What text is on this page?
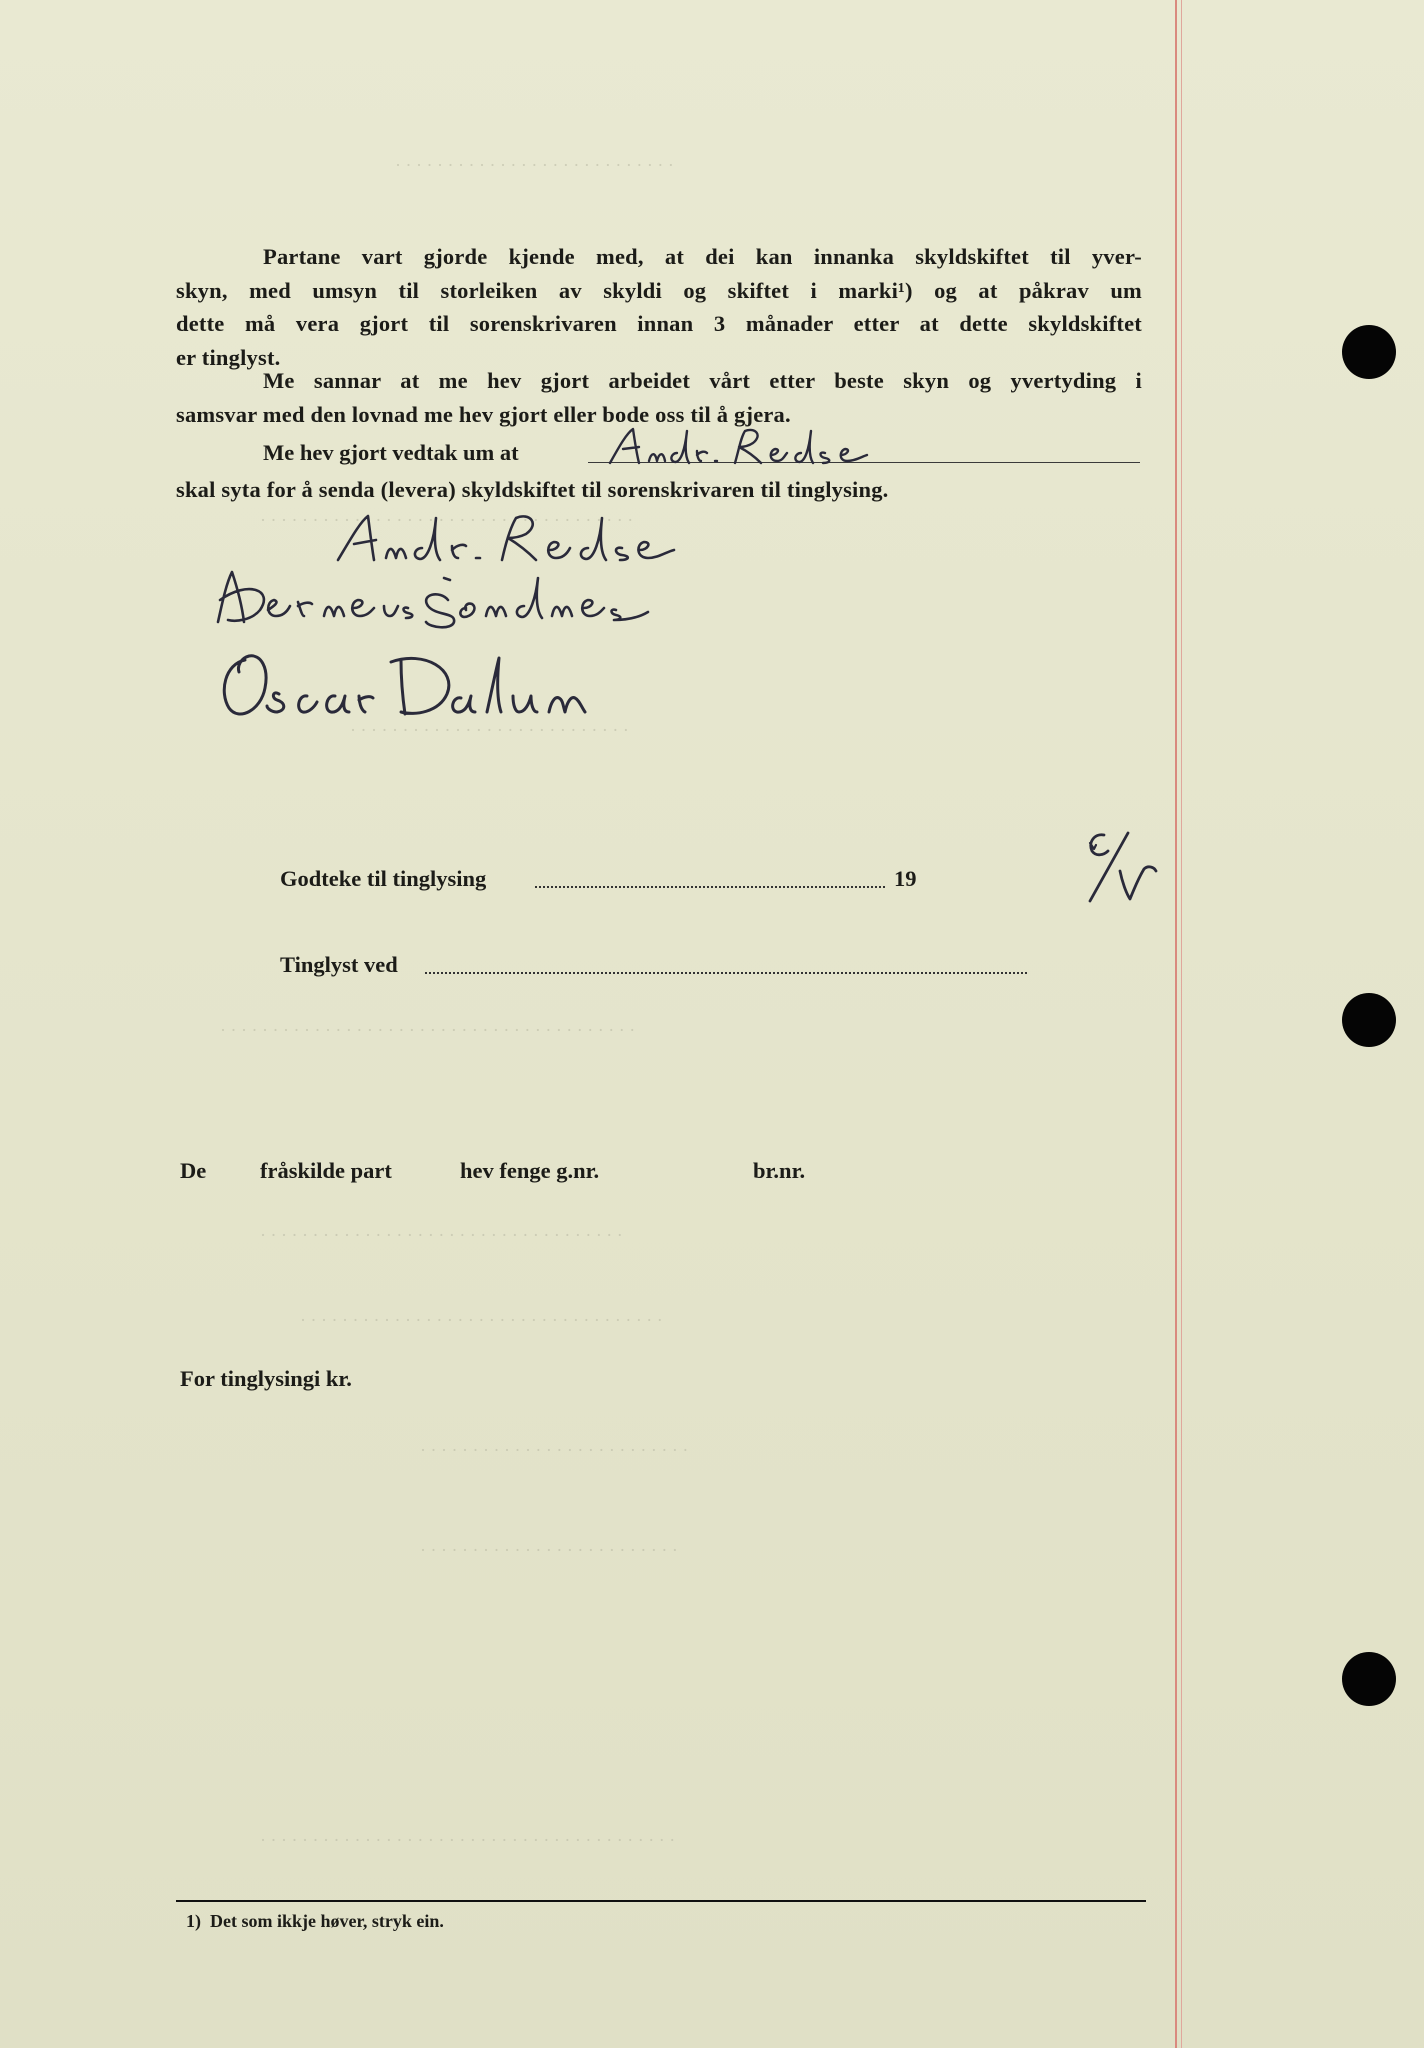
· · · · · · · · · · · · · · · · · · · · · · · · · · ·
· · · · · · · · · · · · · · · · · · · · · · · · · · · · · · · · · · · ·
· · · · · · · · · · · · · · · · · · · · · · · · · · ·
· · · · · · · · · · · · · · · · · · · · · · · · · · · · · · · · · · · · · · · ·
· · · · · · · · · · · · · · · · · · · · · · · · · · · · · · · · · · ·
· · · · · · · · · · · · · · · · · · · · · · · · · · · · · · · · · · ·
· · · · · · · · · · · · · · · · · · · · · · · · · ·
· · · · · · · · · · · · · · · · · · · · · · · · ·
· · · · · · · · · · · · · · · · · · · · · · · · · · · · · · · · · · · · · · · ·

Partane vart gjorde kjende med, at dei kan innanka skyldskiftet til yver-
skyn, med umsyn til storleiken av skyldi og skiftet i marki¹) og at påkrav um
dette må vera gjort til sorenskrivaren innan 3 månader etter at dette skyldskiftet
er tinglyst.

Me sannar at me hev gjort arbeidet vårt etter beste skyn og yvertyding i
samsvar med den lovnad me hev gjort eller bode oss til å gjera.

Me hev gjort vedtak um at

skal syta for å senda (levera) skyldskiftet til sorenskrivaren til tinglysing.

Godteke til tinglysing	19
Tinglyst ved
De fråskilde part	hev fenge g.nr.	br.nr.
For tinglysingi kr.
1) Det som ikkje høver, stryk ein.
